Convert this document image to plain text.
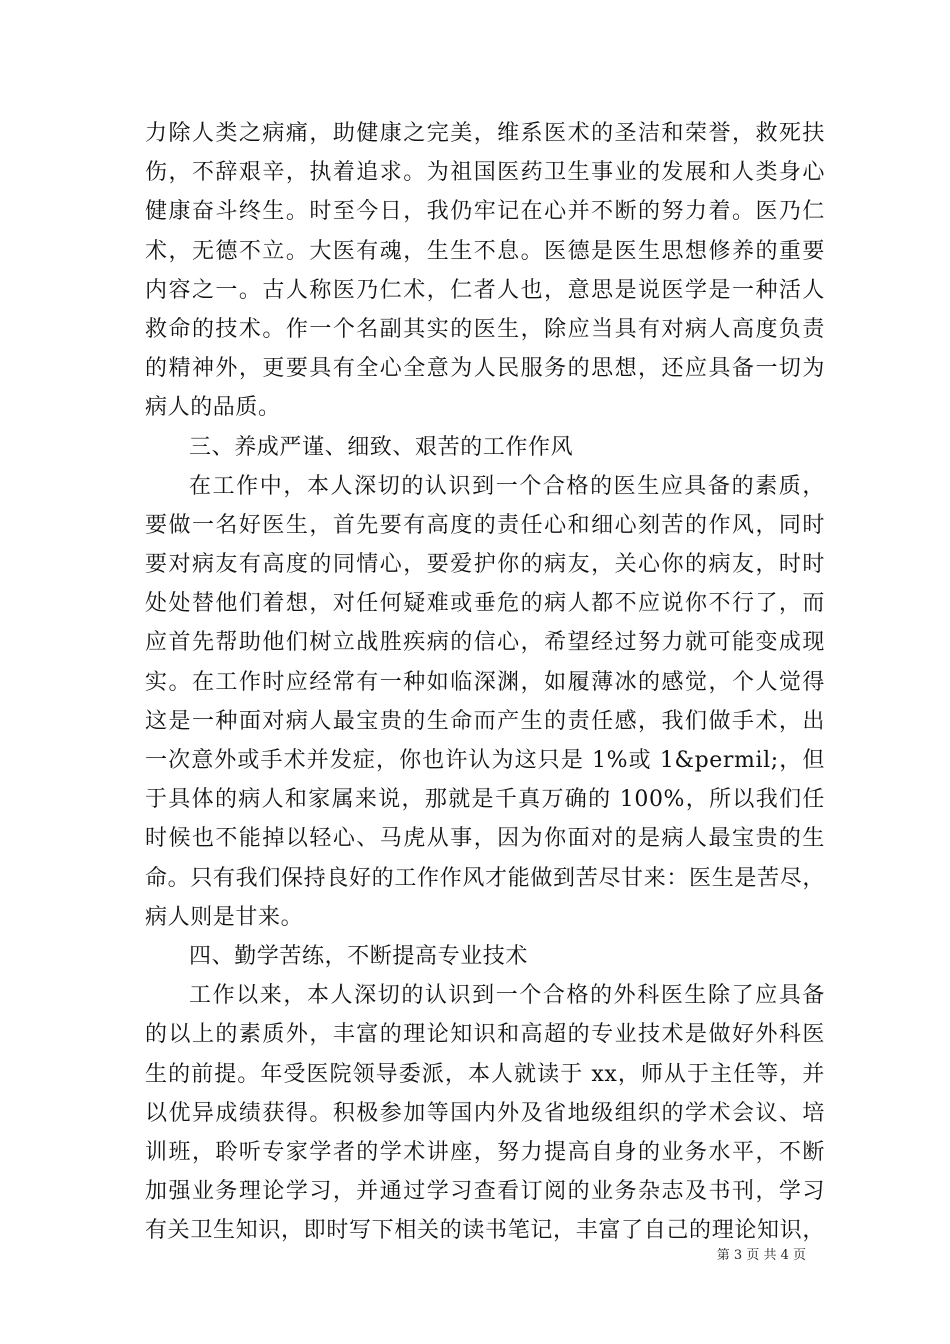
力除人类之病痛，助健康之完美，维系医术的圣洁和荣誉，救死扶
伤，不辞艰辛，执着追求。为祖国医药卫生事业的发展和人类身心
健康奋斗终生。时至今日，我仍牢记在心并不断的努力着。医乃仁
术，无德不立。大医有魂，生生不息。医德是医生思想修养的重要
内容之一。古人称医乃仁术，仁者人也，意思是说医学是一种活人
救命的技术。作一个名副其实的医生，除应当具有对病人高度负责
的精神外，更要具有全心全意为人民服务的思想，还应具备一切为
病人的品质。
三、养成严谨、细致、艰苦的工作作风
在工作中，本人深切的认识到一个合格的医生应具备的素质，
要做一名好医生，首先要有高度的责任心和细心刻苦的作风，同时
要对病友有高度的同情心，要爱护你的病友，关心你的病友，时时
处处替他们着想，对任何疑难或垂危的病人都不应说你不行了，而
应首先帮助他们树立战胜疾病的信心，希望经过努力就可能变成现
实。在工作时应经常有一种如临深渊，如履薄冰的感觉，个人觉得
这是一种面对病人最宝贵的生命而产生的责任感，我们做手术，出
一次意外或手术并发症，你也许认为这只是 1%或 1&permil;，但
于具体的病人和家属来说，那就是千真万确的 100%，所以我们任
时候也不能掉以轻心、马虎从事，因为你面对的是病人最宝贵的生
命。只有我们保持良好的工作作风才能做到苦尽甘来：医生是苦尽，
病人则是甘来。
四、勤学苦练，不断提高专业技术
工作以来，本人深切的认识到一个合格的外科医生除了应具备
的以上的素质外，丰富的理论知识和高超的专业技术是做好外科医
生的前提。年受医院领导委派，本人就读于 xx，师从于主任等，并
以优异成绩获得。积极参加等国内外及省地级组织的学术会议、培
训班，聆听专家学者的学术讲座，努力提高自身的业务水平，不断
加强业务理论学习，并通过学习查看订阅的业务杂志及书刊，学习
有关卫生知识，即时写下相关的读书笔记，丰富了自己的理论知识，
第 3 页 共 4 页
